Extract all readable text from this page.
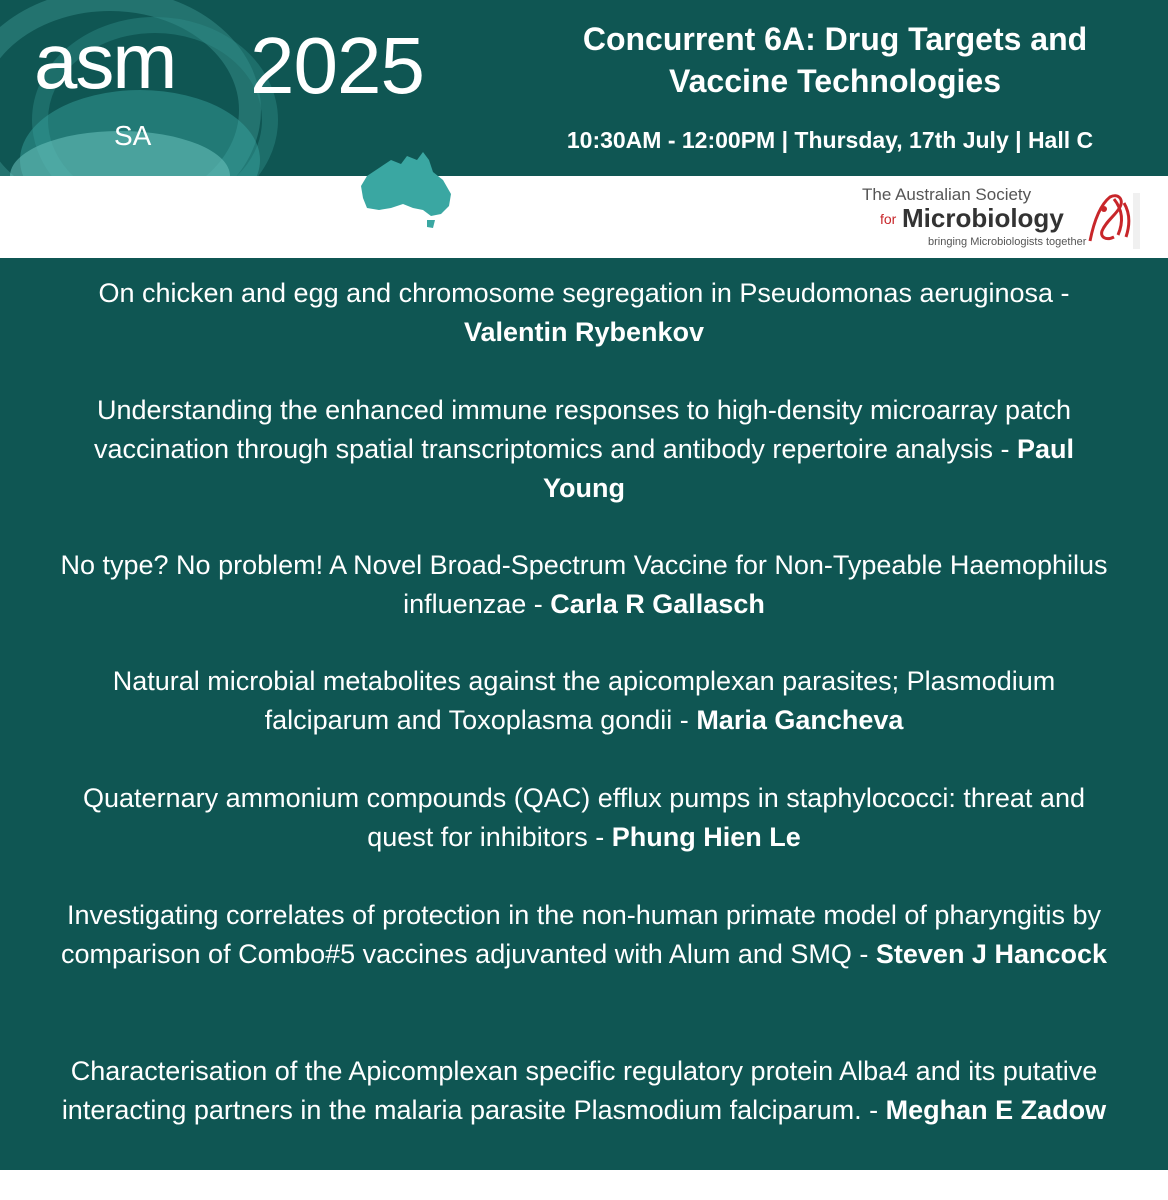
asm 2025
SA
Concurrent 6A: Drug Targets and
Vaccine Technologies
10:30AM - 12:00PM | Thursday, 17th July | Hall C
The Australian Society
for Microbiology
bringing Microbiologists together
On chicken and egg and chromosome segregation in Pseudomonas aeruginosa - Valentin Rybenkov
Understanding the enhanced immune responses to high-density microarray patch vaccination through spatial transcriptomics and antibody repertoire analysis - Paul Young
No type? No problem! A Novel Broad-Spectrum Vaccine for Non-Typeable Haemophilus influenzae - Carla R Gallasch
Natural microbial metabolites against the apicomplexan parasites; Plasmodium falciparum and Toxoplasma gondii - Maria Gancheva
Quaternary ammonium compounds (QAC) efflux pumps in staphylococci: threat and quest for inhibitors - Phung Hien Le
Investigating correlates of protection in the non-human primate model of pharyngitis by comparison of Combo#5 vaccines adjuvanted with Alum and SMQ - Steven J Hancock
Characterisation of the Apicomplexan specific regulatory protein Alba4 and its putative interacting partners in the malaria parasite Plasmodium falciparum. - Meghan E Zadow
